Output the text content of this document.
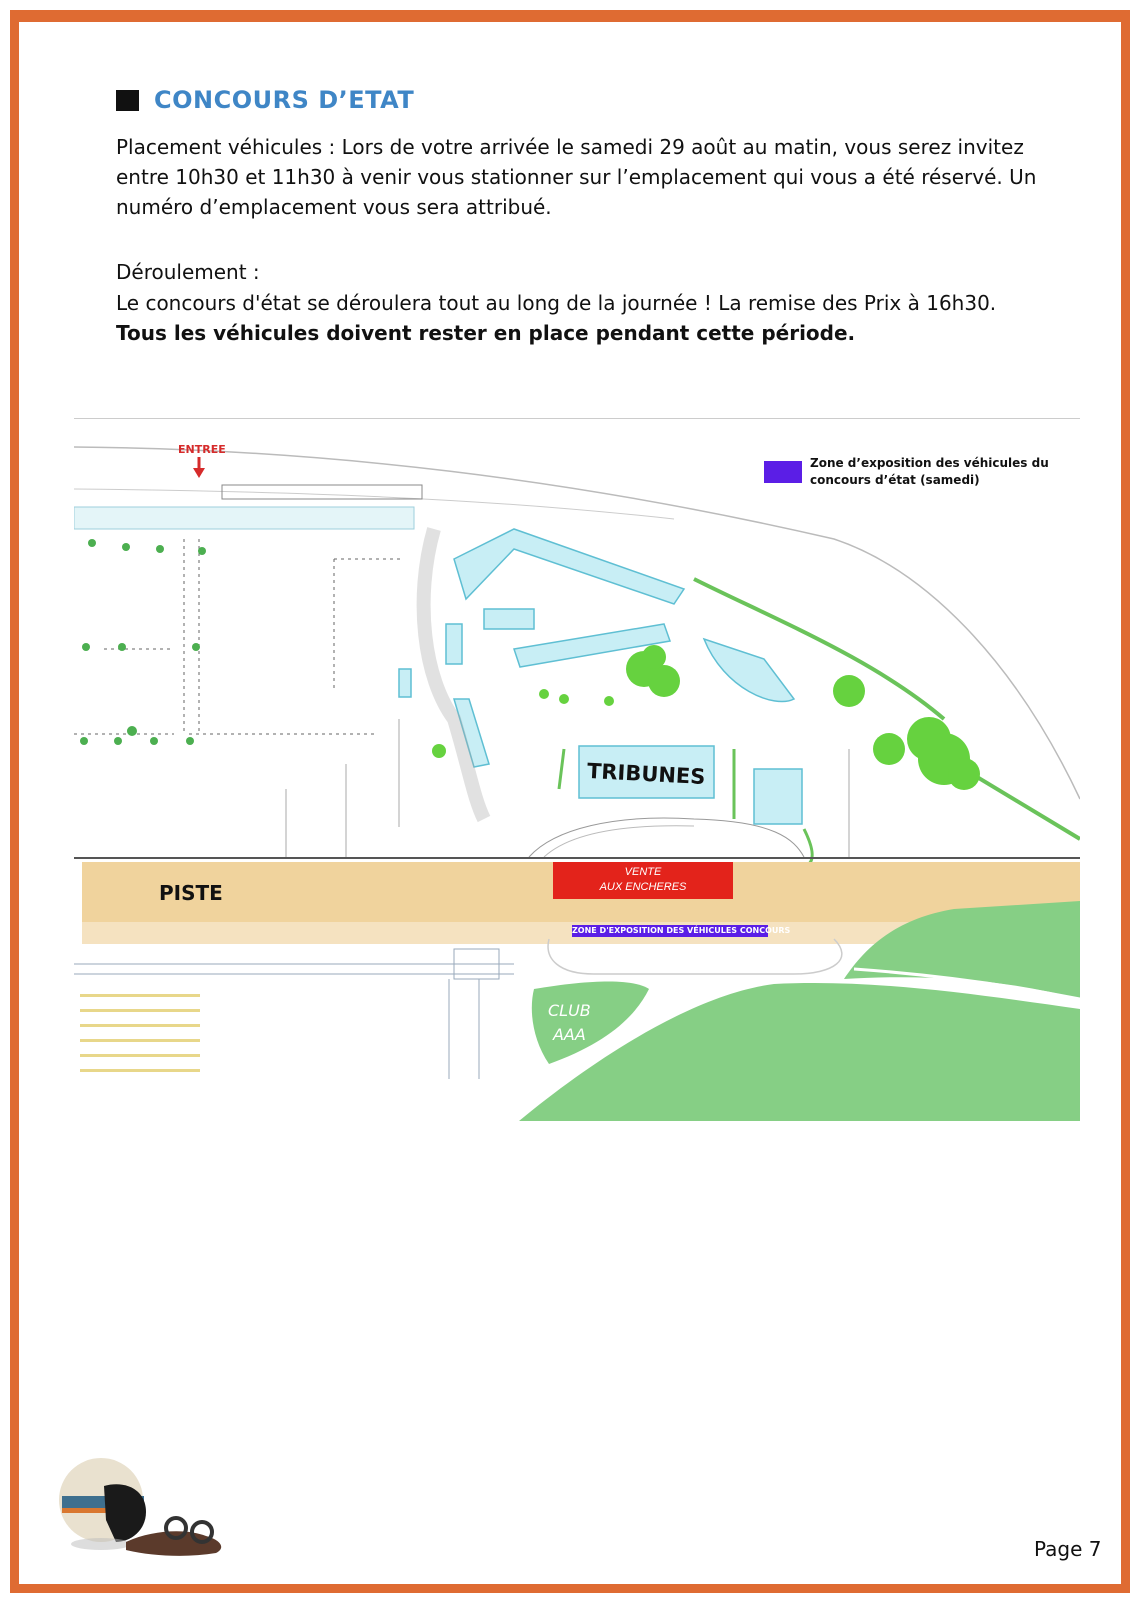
CONCOURS D’ETAT

Placement véhicules : Lors de votre arrivée le samedi 29 août au matin, vous serez invitez entre 10h30 et 11h30 à venir vous stationner sur l’emplacement qui vous a été réservé. Un numéro d’emplacement vous sera attribué.

Déroulement :

Le concours d'état se déroulera tout au long de la journée ! La remise des Prix à 16h30.

Tous les véhicules doivent rester en place pendant cette période.

ENTREE
Zone d’exposition des véhicules du concours d’état (samedi)
TRIBUNES
PISTE
VENTE
AUX ENCHERES
ZONE D'EXPOSITION DES VÉHICULES CONCOURS
CLUB
AAA
Page 7
